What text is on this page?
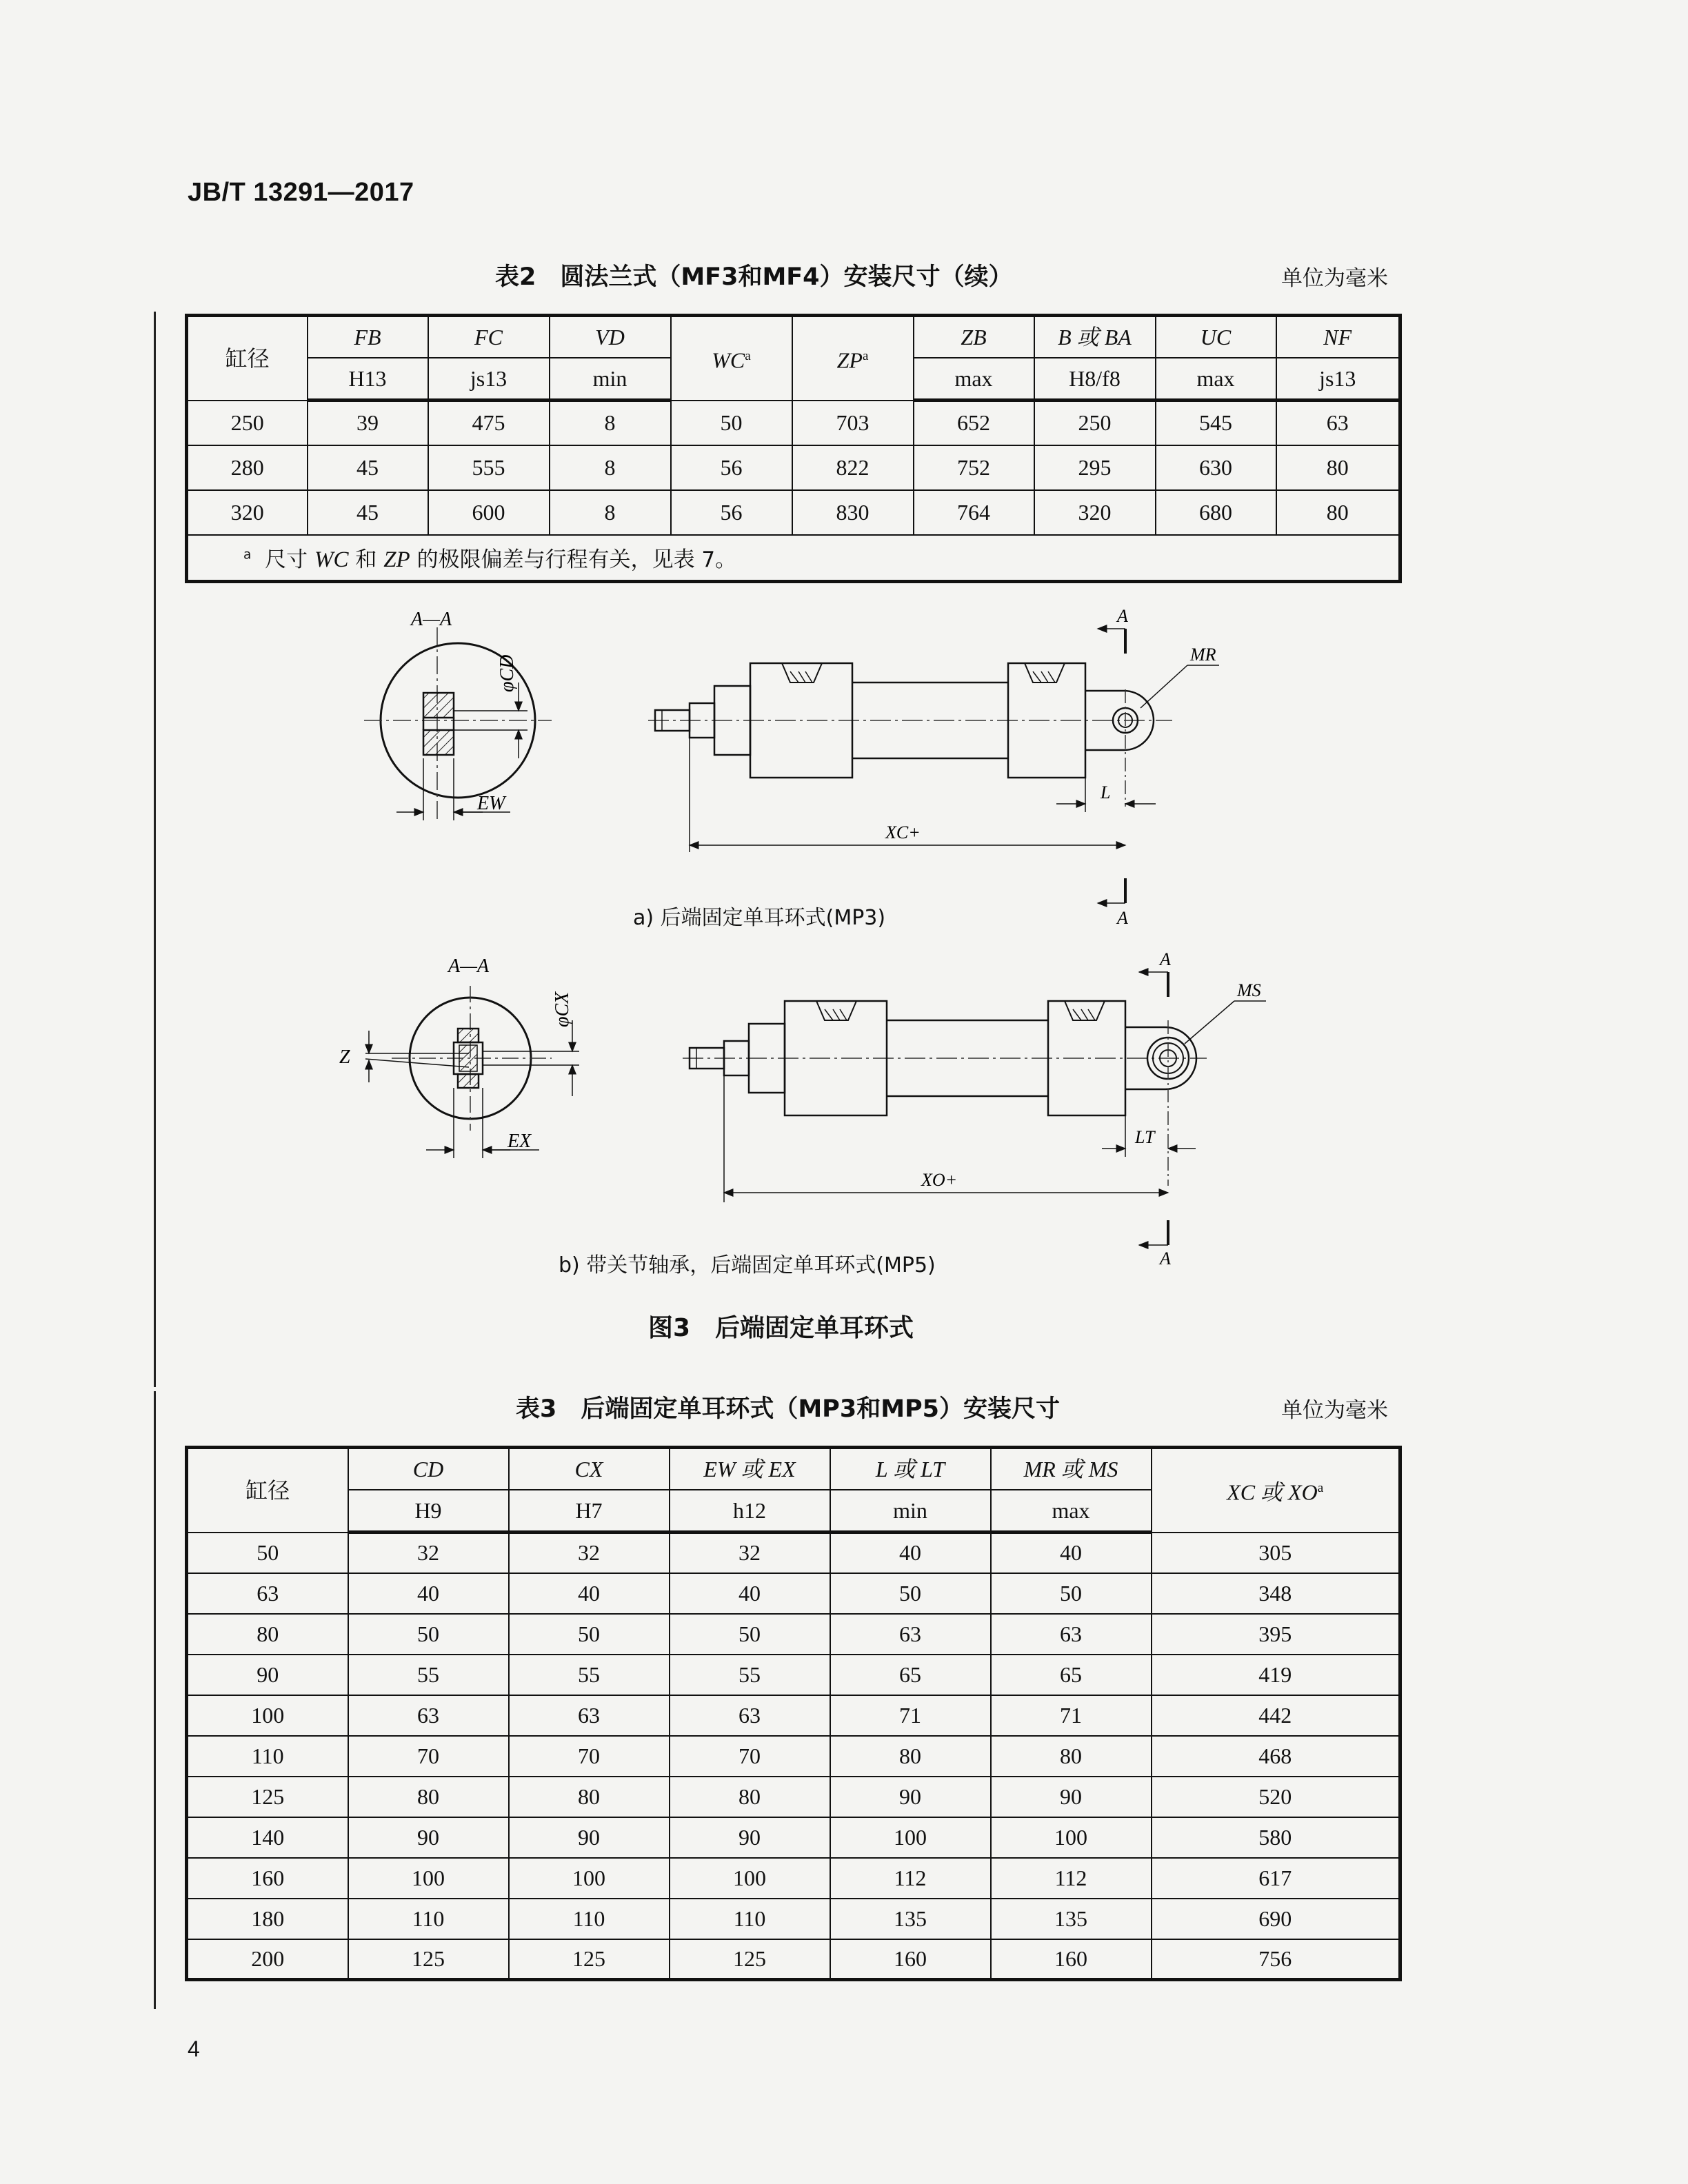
JB/T 13291—2017
表2　圆法兰式（MF3和MF4）安装尺寸（续）	单位为毫米
缸径	FB	FC	VD	$WC^a$	$ZP^a$	ZB	B 或 BA	UC	NF

	H13	js13	min			max	H8/f8	max	js13

250	39	475	8	50	703	652	250	545	63
280	45	555	8	56	822	752	295	630	80
320	45	600	8	56	830	764	320	680	80
$^a$ 尺寸 WC 和 ZP 的极限偏差与行程有关，见表 7。									
A—A
φCD
EW
MR
A
A
L
XC+
A—A
φCX
Z
EX
MS
A
A
LT
XO+
a) 后端固定单耳环式(MP3)
b) 带关节轴承，后端固定单耳环式(MP5)
图3　后端固定单耳环式
表3　后端固定单耳环式（MP3和MP5）安装尺寸	单位为毫米
缸径	CD	CX	EW 或 EX	L 或 LT	MR 或 MS	XC 或 $XO^a$

	H9	H7	h12	min	max	

50	32	32	32	40	40	305
63	40	40	40	50	50	348
80	50	50	50	63	63	395
90	55	55	55	65	65	419
100	63	63	63	71	71	442
110	70	70	70	80	80	468
125	80	80	80	90	90	520
140	90	90	90	100	100	580
160	100	100	100	112	112	617
180	110	110	110	135	135	690
200	125	125	125	160	160	756
4
